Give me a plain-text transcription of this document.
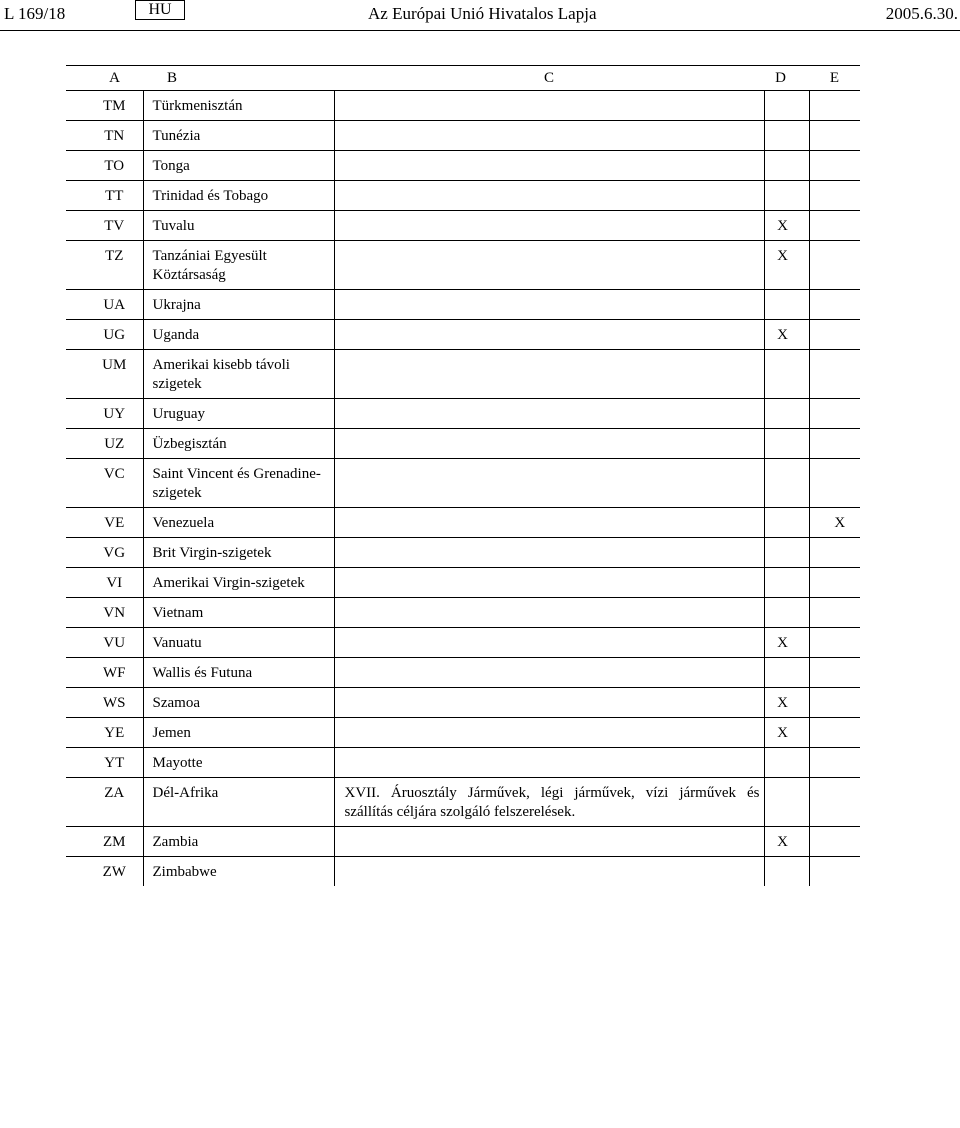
L 169/18	HU	Az Európai Unió Hivatalos Lapja	2005.6.30.
A	B	C	D	E
TM	Türkmenisztán			
TN	Tunézia			
TO	Tonga			
TT	Trinidad és Tobago			
TV	Tuvalu		X	
TZ	Tanzániai Egyesült Köztársaság		X	
UA	Ukrajna			
UG	Uganda		X	
UM	Amerikai kisebb távoli szigetek			
UY	Uruguay			
UZ	Üzbegisztán			
VC	Saint Vincent és Grenadine-szigetek			
VE	Venezuela			X
VG	Brit Virgin-szigetek			
VI	Amerikai Virgin-szigetek			
VN	Vietnam			
VU	Vanuatu		X	
WF	Wallis és Futuna			
WS	Szamoa		X	
YE	Jemen		X	
YT	Mayotte			
ZA	Dél-Afrika	XVII. Áruosztály Járművek, légi járművek, vízi járművek és szállítás céljára szolgáló felszerelések.		
ZM	Zambia		X	
ZW	Zimbabwe			
